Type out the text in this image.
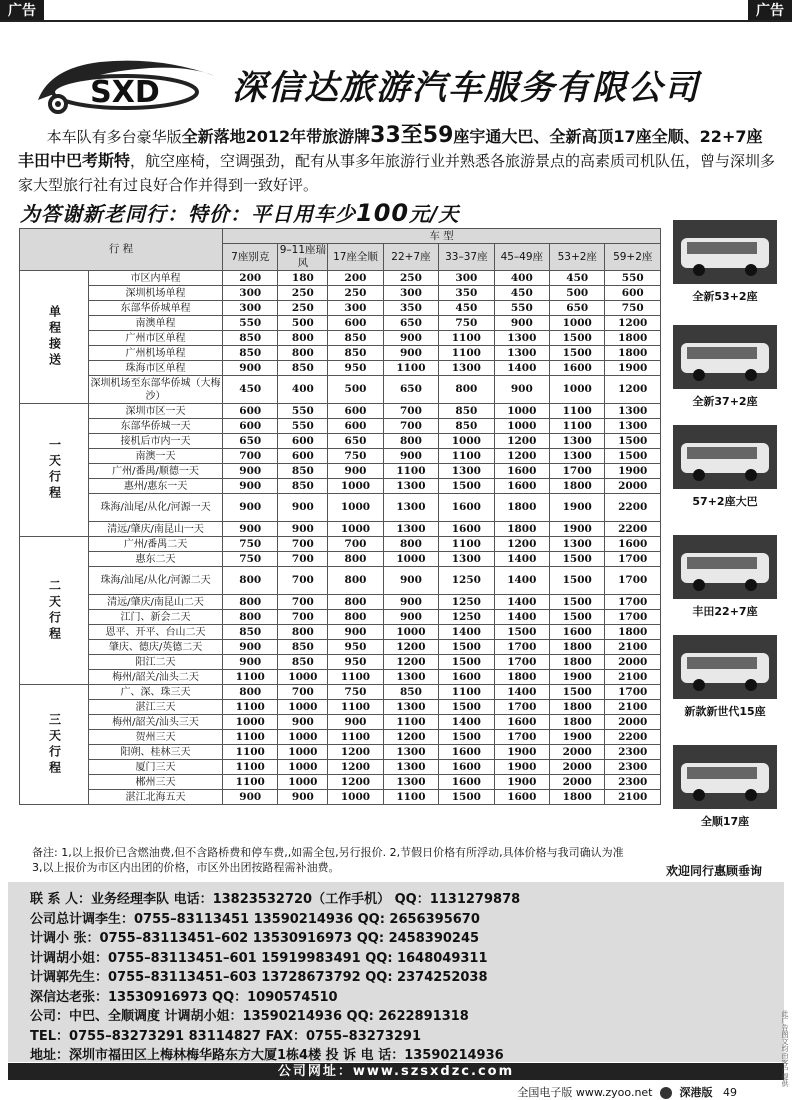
广告	广告
SXD 深信达旅游汽车服务有限公司
本车队有多台豪华版全新落地2012年带旅游牌33至59座宇通大巴、全新高顶17座全顺、22+7座丰田中巴考斯特，航空座椅，空调强劲，配有从事多年旅游行业并熟悉各旅游景点的高素质司机队伍，曾与深圳多家大型旅行社有过良好合作并得到一致好评。
为答谢新老同行：特价：平日用车少100元/天
行 程		车 型							
		7座别克	9–11座瑞风	17座全顺	22+7座	33–37座	45–49座	53+2座	59+2座
单程接送	市区内单程	200	180	200	250	300	400	450	550
	深圳机场单程	300	250	250	300	350	450	500	600
	东部华侨城单程	300	250	300	350	450	550	650	750
	南澳单程	550	500	600	650	750	900	1000	1200
	广州市区单程	850	800	850	900	1100	1300	1500	1800
	广州机场单程	850	800	850	900	1100	1300	1500	1800
	珠海市区单程	900	850	950	1100	1300	1400	1600	1900
	深圳机场至东部华侨城（大梅沙）	450	400	500	650	800	900	1000	1200
一天行程	深圳市区一天	600	550	600	700	850	1000	1100	1300
	东部华侨城一天	600	550	600	700	850	1000	1100	1300
	接机后市内一天	650	600	650	800	1000	1200	1300	1500
	南澳一天	700	600	750	900	1100	1200	1300	1500
	广州/番禺/顺德一天	900	850	900	1100	1300	1600	1700	1900
	惠州/惠东一天	900	850	1000	1300	1500	1600	1800	2000
	珠海/汕尾/从化/河源一天	900	900	1000	1300	1600	1800	1900	2200
	清远/肇庆/南昆山一天	900	900	1000	1300	1600	1800	1900	2200
二天行程	广州/番禺二天	750	700	700	800	1100	1200	1300	1600
	惠东二天	750	700	800	1000	1300	1400	1500	1700
	珠海/汕尾/从化/河源二天	800	700	800	900	1250	1400	1500	1700
	清远/肇庆/南昆山二天	800	700	800	900	1250	1400	1500	1700
	江门、新会二天	800	700	800	900	1250	1400	1500	1700
	恩平、开平、台山二天	850	800	900	1000	1400	1500	1600	1800
	肇庆、德庆/英德二天	900	850	950	1200	1500	1700	1800	2100
	阳江二天	900	850	950	1200	1500	1700	1800	2000
	梅州/韶关/汕头二天	1100	1000	1100	1300	1600	1800	1900	2100
三天行程	广、深、珠三天	800	700	750	850	1100	1400	1500	1700
	湛江三天	1100	1000	1100	1300	1500	1700	1800	2100
	梅州/韶关/汕头三天	1000	900	900	1100	1400	1600	1800	2000
	贺州三天	1100	1000	1100	1200	1500	1700	1900	2200
	阳朔、桂林三天	1100	1000	1200	1300	1600	1900	2000	2300
	厦门三天	1100	1000	1200	1300	1600	1900	2000	2300
	郴州三天	1100	1000	1200	1300	1600	1900	2000	2300
	湛江北海五天	900	900	1000	1100	1500	1600	1800	2100
全新53+2座
全新37+2座
57+2座大巴
丰田22+7座
新款新世代15座
全顺17座
备注: 1,以上报价已含燃油费,但不含路桥费和停车费,,如需全包,另行报价. 2,节假日价格有所浮动,具体价格与我司确认为准
3,以上报价为市区内出团的价格，市区外出团按路程需补油费。	欢迎同行惠顾垂询
联 系 人：业务经理李队 电话：13823532720（工作手机） QQ：1131279878
公司总计调李生：0755–83113451 13590214936 QQ: 2656395670
计调小 张：0755–83113451–602 13530916973 QQ: 2458390245
计调胡小姐：0755–83113451–601 15919983491 QQ: 1648049311
计调郭先生：0755–83113451–603 13728673792 QQ: 2374252038
深信达老张：13530916973 QQ：1090574510
公司：中巴、全顺调度 计调胡小姐：13590214936 QQ: 2622891318
TEL：0755–83273291 83114827 FAX：0755–83273291
地址：深圳市福田区上梅林梅华路东方大厦1栋4楼 投 诉 电 话：13590214936
公司网址：www.szsxdzc.com
全国电子版 www.zyoo.net 深港版 49
此广告图文均由客户提供
